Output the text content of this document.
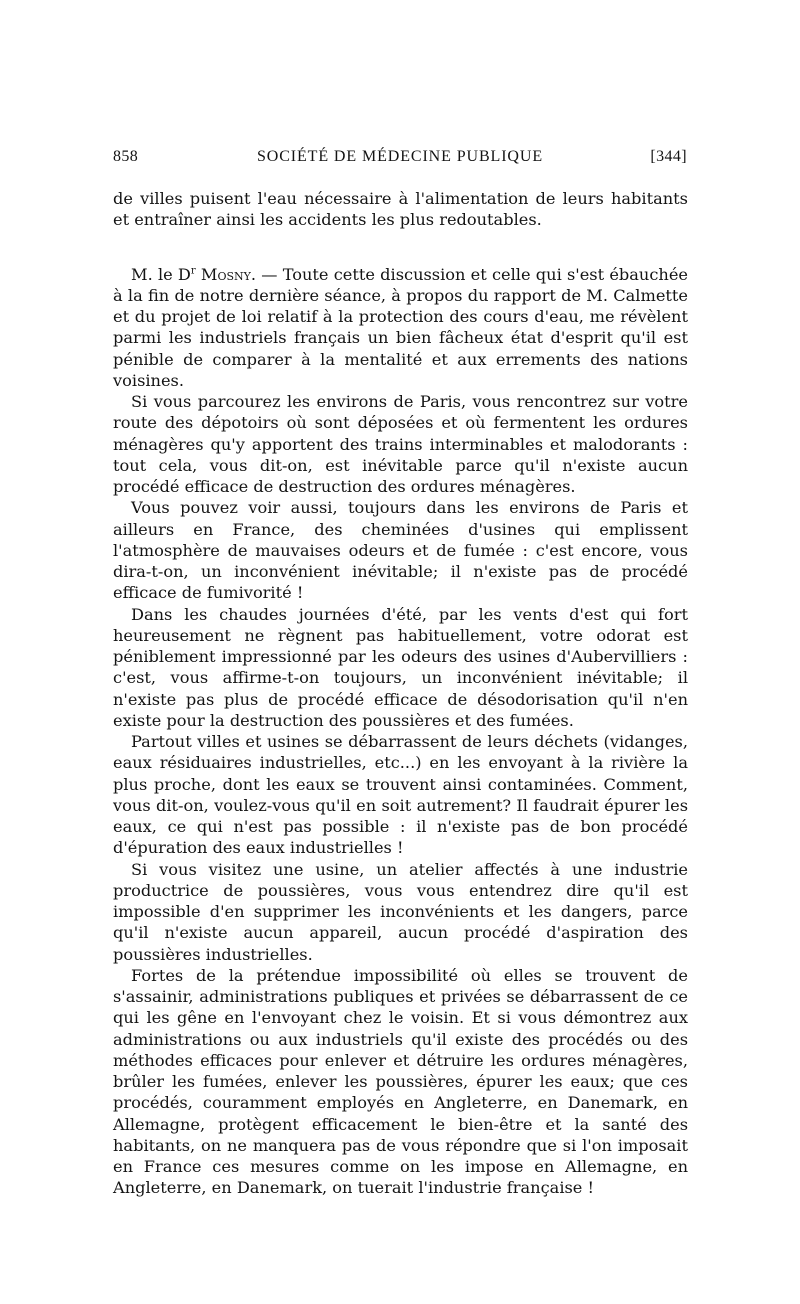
858	SOCIÉTÉ DE MÉDECINE PUBLIQUE	[344]

de villes puisent l'eau nécessaire à l'alimentation de leurs habitants et entraîner ainsi les accidents les plus redoutables.

M. le $D^r$ Mosny. — Toute cette discussion et celle qui s'est ébauchée à la fin de notre dernière séance, à propos du rapport de M. Calmette et du projet de loi relatif à la protection des cours d'eau, me révèlent parmi les industriels français un bien fâcheux état d'esprit qu'il est pénible de comparer à la mentalité et aux errements des nations voisines.

Si vous parcourez les environs de Paris, vous rencontrez sur votre route des dépotoirs où sont déposées et où fermentent les ordures ménagères qu'y apportent des trains interminables et malodorants : tout cela, vous dit-on, est inévitable parce qu'il n'existe aucun procédé efficace de destruction des ordures ménagères.

Vous pouvez voir aussi, toujours dans les environs de Paris et ailleurs en France, des cheminées d'usines qui emplissent l'atmosphère de mauvaises odeurs et de fumée : c'est encore, vous dira-t-on, un inconvénient inévitable; il n'existe pas de procédé efficace de fumivorité !

Dans les chaudes journées d'été, par les vents d'est qui fort heureusement ne règnent pas habituellement, votre odorat est péniblement impressionné par les odeurs des usines d'Aubervilliers : c'est, vous affirme-t-on toujours, un inconvénient inévitable; il n'existe pas plus de procédé efficace de désodorisation qu'il n'en existe pour la destruction des poussières et des fumées.

Partout villes et usines se débarrassent de leurs déchets (vidanges, eaux résiduaires industrielles, etc...) en les envoyant à la rivière la plus proche, dont les eaux se trouvent ainsi contaminées. Comment, vous dit-on, voulez-vous qu'il en soit autrement? Il faudrait épurer les eaux, ce qui n'est pas possible : il n'existe pas de bon procédé d'épuration des eaux industrielles !

Si vous visitez une usine, un atelier affectés à une industrie productrice de poussières, vous vous entendrez dire qu'il est impossible d'en supprimer les inconvénients et les dangers, parce qu'il n'existe aucun appareil, aucun procédé d'aspiration des poussières industrielles.

Fortes de la prétendue impossibilité où elles se trouvent de s'assainir, administrations publiques et privées se débarrassent de ce qui les gêne en l'envoyant chez le voisin. Et si vous démontrez aux administrations ou aux industriels qu'il existe des procédés ou des méthodes efficaces pour enlever et détruire les ordures ménagères, brûler les fumées, enlever les poussières, épurer les eaux; que ces procédés, couramment employés en Angleterre, en Danemark, en Allemagne, protègent efficacement le bien-être et la santé des habitants, on ne manquera pas de vous répondre que si l'on imposait en France ces mesures comme on les impose en Allemagne, en Angleterre, en Danemark, on tuerait l'industrie française !
